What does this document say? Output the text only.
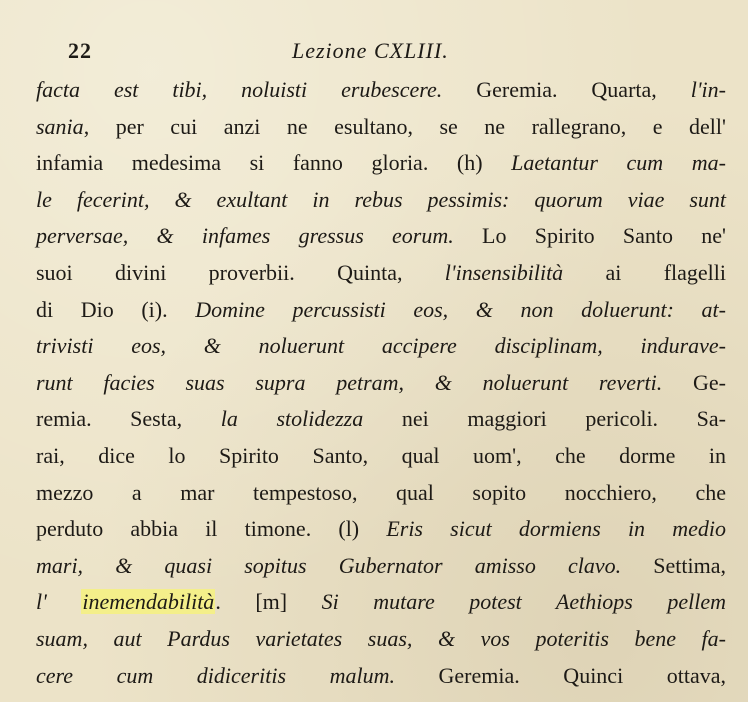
22	Lezione CXLIII.
facta est tibi, noluisti erubescere. Geremia. Quarta, l'in-
sania, per cui anzi ne esultano, se ne rallegrano, e dell'
infamia medesima si fanno gloria. (h) Laetantur cum ma-
le fecerint, & exultant in rebus pessimis: quorum viae sunt
perversae, & infames gressus eorum. Lo Spirito Santo ne'
suoi divini proverbii. Quinta, l'insensibilità ai flagelli
di Dio (i). Domine percussisti eos, & non doluerunt: at-
trivisti eos, & noluerunt accipere disciplinam, indurave-
runt facies suas supra petram, & noluerunt reverti. Ge-
remia. Sesta, la stolidezza nei maggiori pericoli. Sa-
rai, dice lo Spirito Santo, qual uom', che dorme in
mezzo a mar tempestoso, qual sopito nocchiero, che
perduto abbia il timone. (l) Eris sicut dormiens in medio
mari, & quasi sopitus Gubernator amisso clavo. Settima,
l' inemendabilità. [m] Si mutare potest Aethiops pellem
suam, aut Pardus varietates suas, & vos poteritis bene fa-
cere cum didiceritis malum. Geremia. Quinci ottava,
